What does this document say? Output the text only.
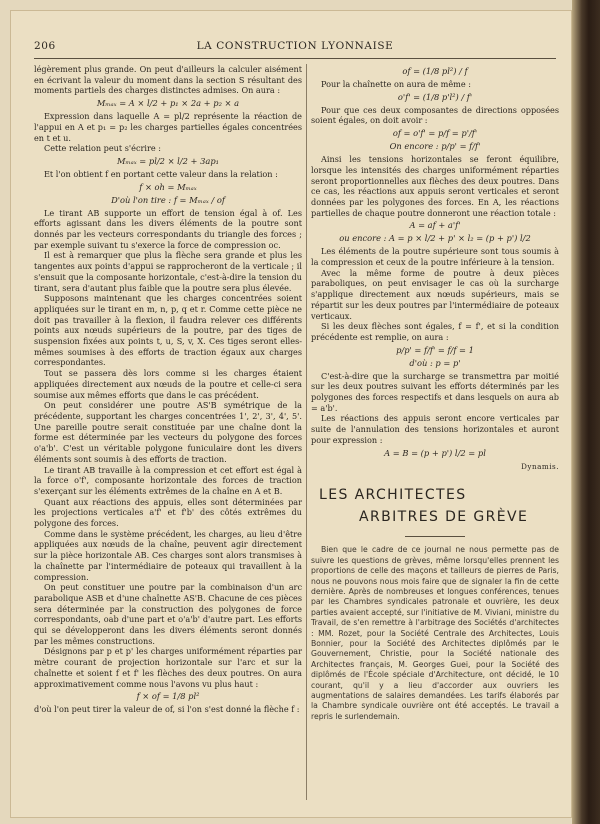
206	LA CONSTRUCTION LYONNAISE

légèrement plus grande. On peut d'ailleurs la calculer aisément en écrivant la valeur du moment dans la section S résultant des moments partiels des charges distinctes admises. On aura :

Mₘₐₓ = A × l/2 + p₁ × 2a + p₂ × a

Expression dans laquelle A = pl/2 représente la réaction de l'appui en A et p₁ = p₂ les charges partielles égales concentrées en t et u.

Cette relation peut s'écrire :

Mₘₐₓ = pl/2 × l/2 + 3ap₁

Et l'on obtient f en portant cette valeur dans la relation :

f × oh = Mₘₐₓ
D'où l'on tire : f = Mₘₐₓ / of

Le tirant AB supporte un effort de tension égal à of. Les efforts agissant dans les divers éléments de la poutre sont donnés par les vecteurs correspondants du triangle des forces ; par exemple suivant tu s'exerce la force de compression oc.

Il est à remarquer que plus la flèche sera grande et plus les tangentes aux points d'appui se rapprocheront de la verticale ; il s'ensuit que la composante horizontale, c'est-à-dire la tension du tirant, sera d'autant plus faible que la poutre sera plus élevée.

Supposons maintenant que les charges concentrées soient appliquées sur le tirant en m, n, p, q et r. Comme cette pièce ne doit pas travailler à la flexion, il faudra relever ces différents points aux nœuds supérieurs de la poutre, par des tiges de suspension fixées aux points t, u, S, v, X. Ces tiges seront elles-mêmes soumises à des efforts de traction égaux aux charges correspondantes.

Tout se passera dès lors comme si les charges étaient appliquées directement aux nœuds de la poutre et celle-ci sera soumise aux mêmes efforts que dans le cas précédent.

On peut considérer une poutre AS'B symétrique de la précédente, supportant les charges concentrées 1', 2', 3', 4', 5'. Une pareille poutre serait constituée par une chaîne dont la forme est déterminée par les vecteurs du polygone des forces o'a'b'. C'est un véritable polygone funiculaire dont les divers éléments sont soumis à des efforts de traction.

Le tirant AB travaille à la compression et cet effort est égal à la force o'f', composante horizontale des forces de traction s'exerçant sur les éléments extrêmes de la chaîne en A et B.

Quant aux réactions des appuis, elles sont déterminées par les projections verticales a'f' et f'b' des côtés extrêmes du polygone des forces.

Comme dans le système précédent, les charges, au lieu d'être appliquées aux nœuds de la chaîne, peuvent agir directement sur la pièce horizontale AB. Ces charges sont alors transmises à la chaînette par l'intermédiaire de poteaux qui travaillent à la compression.

On peut constituer une poutre par la combinaison d'un arc parabolique ASB et d'une chaînette AS'B. Chacune de ces pièces sera déterminée par la construction des polygones de force correspondants, oab d'une part et o'a'b' d'autre part. Les efforts qui se développeront dans les divers éléments seront donnés par les mêmes constructions.

Désignons par p et p' les charges uniformément réparties par mètre courant de projection horizontale sur l'arc et sur la chaînette et soient f et f' les flèches des deux poutres. On aura approximativement comme nous l'avons vu plus haut :

f × of = 1/8 pl²

d'où l'on peut tirer la valeur de of, si l'on s'est donné la flèche f :

of = (1/8 pl²) / f

Pour la chaînette on aura de même :

o'f' = (1/8 p'l²) / f'

Pour que ces deux composantes de directions opposées soient égales, on doit avoir :

of = o'f' = p/f = p'/f'
On encore : p/p' = f/f'

Ainsi les tensions horizontales se feront équilibre, lorsque les intensités des charges uniformément réparties seront proportionnelles aux flèches des deux poutres. Dans ce cas, les réactions aux appuis seront verticales et seront données par les polygones des forces. En A, les réactions partielles de chaque poutre donneront une réaction totale :

A = af + a'f'
ou encore : A = p × l/2 + p' × l₂ = (p + p') l/2

Les éléments de la poutre supérieure sont tous soumis à la compression et ceux de la poutre inférieure à la tension.

Avec la même forme de poutre à deux pièces paraboliques, on peut envisager le cas où la surcharge s'applique directement aux nœuds supérieurs, mais se répartit sur les deux poutres par l'intermédiaire de poteaux verticaux.

Si les deux flèches sont égales, f = f', et si la condition précédente est remplie, on aura :

p/p' = f/f' = f/f = 1
d'où : p = p'

C'est-à-dire que la surcharge se transmettra par moitié sur les deux poutres suivant les efforts déterminés par les polygones des forces respectifs et dans lesquels on aura ab = a'b'.

Les réactions des appuis seront encore verticales par suite de l'annulation des tensions horizontales et auront pour expression :

A = B = (p + p') l/2 = pl
Dynamis.
LES ARCHITECTES
ARBITRES DE GRÈVE

Bien que le cadre de ce journal ne nous permette pas de suivre les questions de grèves, même lorsqu'elles prennent les proportions de celle des maçons et tailleurs de pierres de Paris, nous ne pouvons nous mois faire que de signaler la fin de cette dernière. Après de nombreuses et longues conférences, tenues par les Chambres syndicales patronale et ouvrière, les deux parties avaient accepté, sur l'initiative de M. Viviani, ministre du Travail, de s'en remettre à l'arbitrage des Sociétés d'architectes : MM. Rozet, pour la Société Centrale des Architectes, Louis Bonnier, pour la Société des Architectes diplômés par le Gouvernement, Christie, pour la Société nationale des Architectes français, M. Georges Guei, pour la Société des diplômés de l'École spéciale d'Architecture, ont décidé, le 10 courant, qu'il y a lieu d'accorder aux ouvriers les augmentations de salaires demandées. Les tarifs élaborés par la Chambre syndicale ouvrière ont été acceptés. Le travail a repris le surlendemain.
